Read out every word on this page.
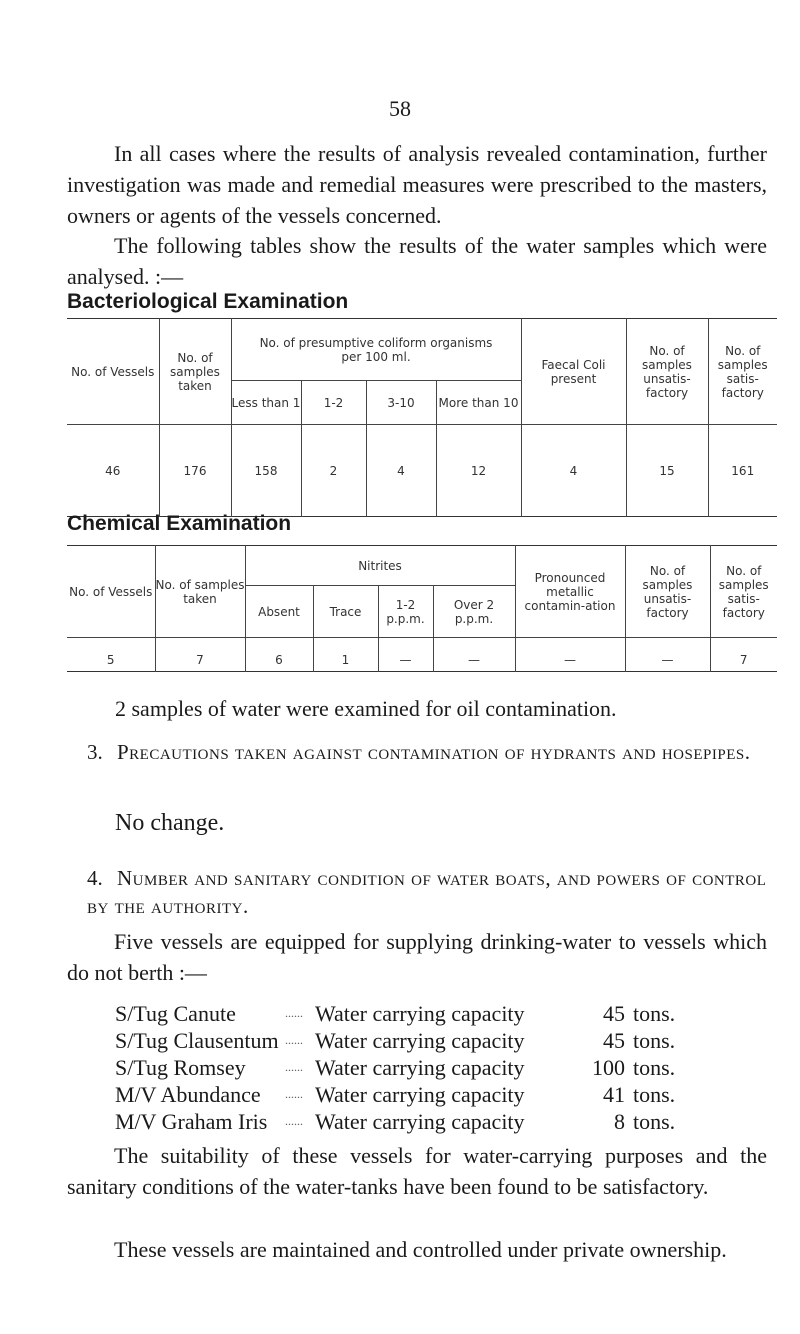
58
In all cases where the results of analysis revealed contamination, further investigation was made and remedial measures were prescribed to the masters, owners or agents of the vessels concerned.
The following tables show the results of the water samples which were analysed. :—
Bacteriological Examination
No. of Vessels	No. of samples taken	No. of presumptive coliform organisms per 100 ml.				Faecal Coli present	No. of samples unsatis-factory	No. of samples satis-factory
		Less than 1	1-2	3-10	More than 10			
46	176	158	2	4	12	4	15	161
Chemical Examination
No. of Vessels	No. of samples taken	Nitrites				Pronounced metallic contamin-ation	No. of samples unsatis-factory	No. of samples satis-factory
		Absent	Trace	1-2 p.p.m.	Over 2 p.p.m.			
5	7	6	1	—	—	—	—	7
2 samples of water were examined for oil contamination.
3. Precautions taken against contamination of hydrants and hosepipes.
No change.
4. Number and sanitary condition of water boats, and powers of control by the authority.
Five vessels are equipped for supplying drinking-water to vessels which do not berth :—
S/Tug Canute	...... Water carrying capacity	45 tons.
S/Tug Clausentum ...... Water carrying capacity	45 tons.
S/Tug Romsey	...... Water carrying capacity	100 tons.
M/V Abundance	...... Water carrying capacity	41 tons.
M/V Graham Iris	...... Water carrying capacity	8 tons.
The suitability of these vessels for water-carrying purposes and the sanitary conditions of the water-tanks have been found to be satisfactory.
These vessels are maintained and controlled under private ownership.
